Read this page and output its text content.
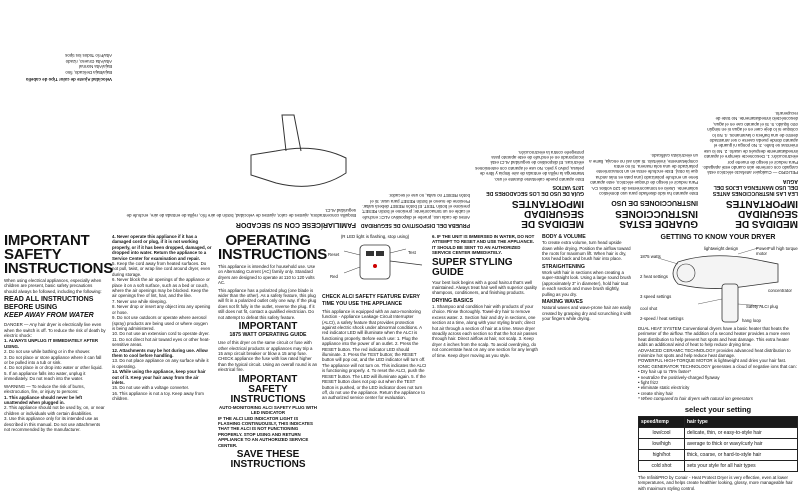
MEDIDAS DE SEGURIDAD IMPORTANTES
LEA LAS INSTRUCCIONES ANTES DEL USO MANTENGA LEJOS DEL AGUA

PELIGRO — Cualquier artefacto eléctrico está cargado con corriente aún cuando esté apagado. Para reducir el riesgo de muerte por electrocución: 1. Desconecte siempre el aparato inmediatamente después de usarlo. 2. No lo use mientras se bañe. 3. No ponga ni guarde el aparato donde pueda caerse o ser arrastrado dentro de una bañera o lavamanos. 4. No lo coloque ni lo deje caer en el agua ni en ningún otro líquido. 5. Si el aparato cae en el agua, desconéctelo inmediatamente. No trate de recuperarlo.

GUARDE ESTAS INSTRUCCIONES
INSTRUCCIONES DE USO

Este aparato ha sido diseñado para uso doméstico solamente. Úselo en tomacorrientes de 120 voltios CA. Para reducir el riesgo de choque eléctrico, este aparato tiene un enchufe polarizado (una pata es más ancha que la otra). Este enchufe entra en un tomacorriente polarizado de una sola manera. Si no entra completamente, inviértalo. Si aún así no encaja, llame a un electricista calificado.

MEDIDAS DE SEGURIDAD IMPORTANTES
GUÍA DE USO DE LOS SECADORES DE 1875 VATIOS

Este aparato puede calentarse durante el uso. Mantenga la rejilla de entrada de aire limpia y libre de pelusa, polvo y pelo. No use el aparato con extensiones eléctricas. El dispositivo de seguridad ALCI está incorporado en el enchufe de este aparato para protegerle contra la electrocución.

PRUEBA DEL DISPOSITIVO DE SEGURIDAD

Antes de cada uso, pruebe el dispositivo ALCI: enchufe el cable en un tomacorriente; presione el botón RESET; presione el botón TEST. El botón RESET deberá saltar. Presione de nuevo el botón RESET para usar. Si el botón RESET no salta, no use el secador.

FAMILIARÍCESE CON SU SECADOR

Boquilla concentradora, ajustes de calor, ajustes de velocidad, botón de aire frío, rejilla de entrada de aire, enchufe de seguridad ALCI.

Velocidad Ajuste de calor Tipo de cabello

Baja/Baja Delicado, fino

Baja/Alta Normal

Alta/Alta Grueso, rizado

Alta/Frío Todos los tipos

IMPORTANT SAFETY INSTRUCTIONS

When using electrical appliances, especially when children are present, basic safety precautions should always be followed, including the following:

READ ALL INSTRUCTIONS BEFORE USING
KEEP AWAY FROM WATER

DANGER — Any hair dryer is electrically live even when the switch is off. To reduce the risk of death by electric shock:

1. ALWAYS UNPLUG IT IMMEDIATELY AFTER USING.

2. Do not use while bathing or in the shower.

3. Do not place or store appliance where it can fall or be pulled into a tub or sink.

4. Do not place in or drop into water or other liquid.

5. If an appliance falls into water, unplug it immediately. Do not reach into the water.

WARNING — To reduce the risk of burns, electrocution, fire, or injury to persons:

1. This appliance should never be left unattended when plugged in.

2. This appliance should not be used by, on, or near children or individuals with certain disabilities.

3. Use this appliance only for its intended use as described in this manual. Do not use attachments not recommended by the manufacturer.

4. Never operate this appliance if it has a damaged cord or plug, if it is not working properly, or if it has been dropped, damaged, or dropped into water. Return the appliance to a Service Center for examination and repair.

5. Keep the cord away from heated surfaces. Do not pull, twist, or wrap line cord around dryer, even during storage.

6. Never block the air openings of the appliance or place it on a soft surface, such as a bed or couch, where the air openings may be blocked. Keep the air openings free of lint, hair, and the like.

7. Never use while sleeping.

8. Never drop or insert any object into any opening or hose.

9. Do not use outdoors or operate where aerosol (spray) products are being used or where oxygen is being administered.

10. Do not use an extension cord to operate dryer.

11. Do not direct hot air toward eyes or other heat-sensitive areas.

12. Attachments may be hot during use. Allow them to cool before handling.

13. Do not place appliance on any surface while it is operating.

14. While using the appliance, keep your hair out of it. Keep your hair away from the air inlets.

15. Do not use with a voltage converter.

16. This appliance is not a toy. Keep away from children.

OPERATING INSTRUCTIONS

This appliance is intended for household use. Use on Alternating Current (AC) family only. Standard dryers are designed to operate at 110 to 120 volts AC.

This appliance has a polarized plug (one blade is wider than the other). As a safety feature, this plug will fit in a polarized outlet only one way. If the plug does not fit fully in the outlet, reverse the plug. If it still does not fit, contact a qualified electrician. Do not attempt to defeat this safety feature.

IMPORTANT
1875 WATT OPERATING GUIDE

Use of this dryer on the same circuit or fuse with other electrical products or appliances may trip a 15 amp circuit breaker or blow a 15 amp fuse. CHECK appliance the fuse with low rated higher than the typical circuit. Using an overall round is an electrical fire.

IMPORTANT SAFETY INSTRUCTIONS

AUTO-MONITORING ALCI SAFETY PLUG WITH LED INDICATOR

IF THE ALCI LED INDICATOR LIGHT IS FLASHING CONTINUOUSLY, THIS INDICATES THAT THE ALCI IS NOT FUNCTIONING PROPERLY. STOP USING AND RETURN APPLIANCE TO AN AUTHORIZED SERVICE CENTER.

SAVE THESE INSTRUCTIONS

(R LED light is flashing, stop using)

Reset	Test
Red
CHECK ALCI SAFETY FEATURE EVERY TIME YOU USE THE APPLIANCE

This appliance is equipped with an auto-monitoring function - Appliance Leakage Circuit Interrupter (ALCI), a safety feature that provides protection against electric shock under abnormal conditions. A red indicator LED will illuminate when the ALCI is functioning properly. Before each use: 1. Plug the appliance into the power of an outlet. 2. Press the RESET button. The red indicator LED should illuminate. 3. Press the TEST button; the RESET button will pop out, and the LED indicator will turn off. The appliance will not turn on. This indicates the ALCI is functioning properly. 4. To reset the ALCI, push the RESET button. The LED will illuminate again. 5. If the RESET button does not pop out when the TEST button is pushed, or the LED indicator does not turn off, do not use the appliance. Return the appliance to an authorized service center for evaluation.

6. IF THE UNIT IS IMMERSED IN WATER, DO NOT ATTEMPT TO RESET AND USE THE APPLIANCE. IT SHOULD BE SENT TO AN AUTHORIZED SERVICE CENTER IMMEDIATELY.

SUPER STYLING GUIDE

Your best look begins with a good haircut that's well maintained. Always treat hair well with superior quality shampoos, conditioners, and finishing products.

DRYING BASICS

1. Shampoo and condition hair with products of your choice. Rinse thoroughly. Towel-dry hair to remove excess water. 2. Section hair and dry in sections, one section at a time, along with your styling brush; direct hot air through a section of hair at a time. Move dryer steadily across each section so that the hot air passes through hair. Direct airflow at hair, not scalp. 3. Keep dryer 4 inches from the scalp. To avoid overdrying, do not concentrate heat on any one section for any length of time. Keep dryer moving as you style.

BODY & VOLUME

To create extra volume, turn head upside down while drying. Position the airflow toward the roots for maximum lift. When hair is dry, toss head back and brush hair into place.

STRAIGHTENING

Work with hair in sections when creating a super-straight look. Using a large round brush (approximately 3" in diameter), hold hair taut in each section and move brush slightly, pulling as you dry.

MAKING WAVES

Natural waves and wave-prone hair are easily created by grasping dry and scrunching it with your fingers while drying.

GETTING TO KNOW YOUR DRYER
1875 watts
lightweight design	PowerFull high torque motor
2 heat settings
3 speed settings
cool shot
concentrator
2-speed / heat settings
Safety ALCI plug
hang loop

DUAL HEAT SYSTEM Conventional dryers have a basic heater that heats the perimeter of the airflow. The addition of a second heater provides a more even heat distribution to help prevent hot spots and heat damage. This extra heater adds an additional wind of heat to help reduce drying time.

ADVANCED CERAMIC TECHNOLOGY provides advanced heat distribution to minimize hot spots and help reduce heat damage.

POWERFUL HIGH-TORQUE MOTOR is lightweight and dries your hair fast.

IONIC GENERATOR TECHNOLOGY generates a cloud of negative ions that can:

• Dry hair up to 75% faster*

• neutralize the positively-charged flyaway

• fight frizz

• eliminate static electricity

• create shiny hair

* When compared to hair dryers with natural ion generators

select your setting
speed/temp	hair type
low/cool	delicate, thin, or easy-to-style hair
low/high	average to thick or wavy/curly hair
high/hot	thick, coarse, or hard-to-style hair
cold shot	sets your style for all hair types

The InfinitiPRO by Conair - Heat Protect Dryer is very effective, even at lower temperatures, and helps create healthier looking, glossy, more manageable hair with maximum styling control.
